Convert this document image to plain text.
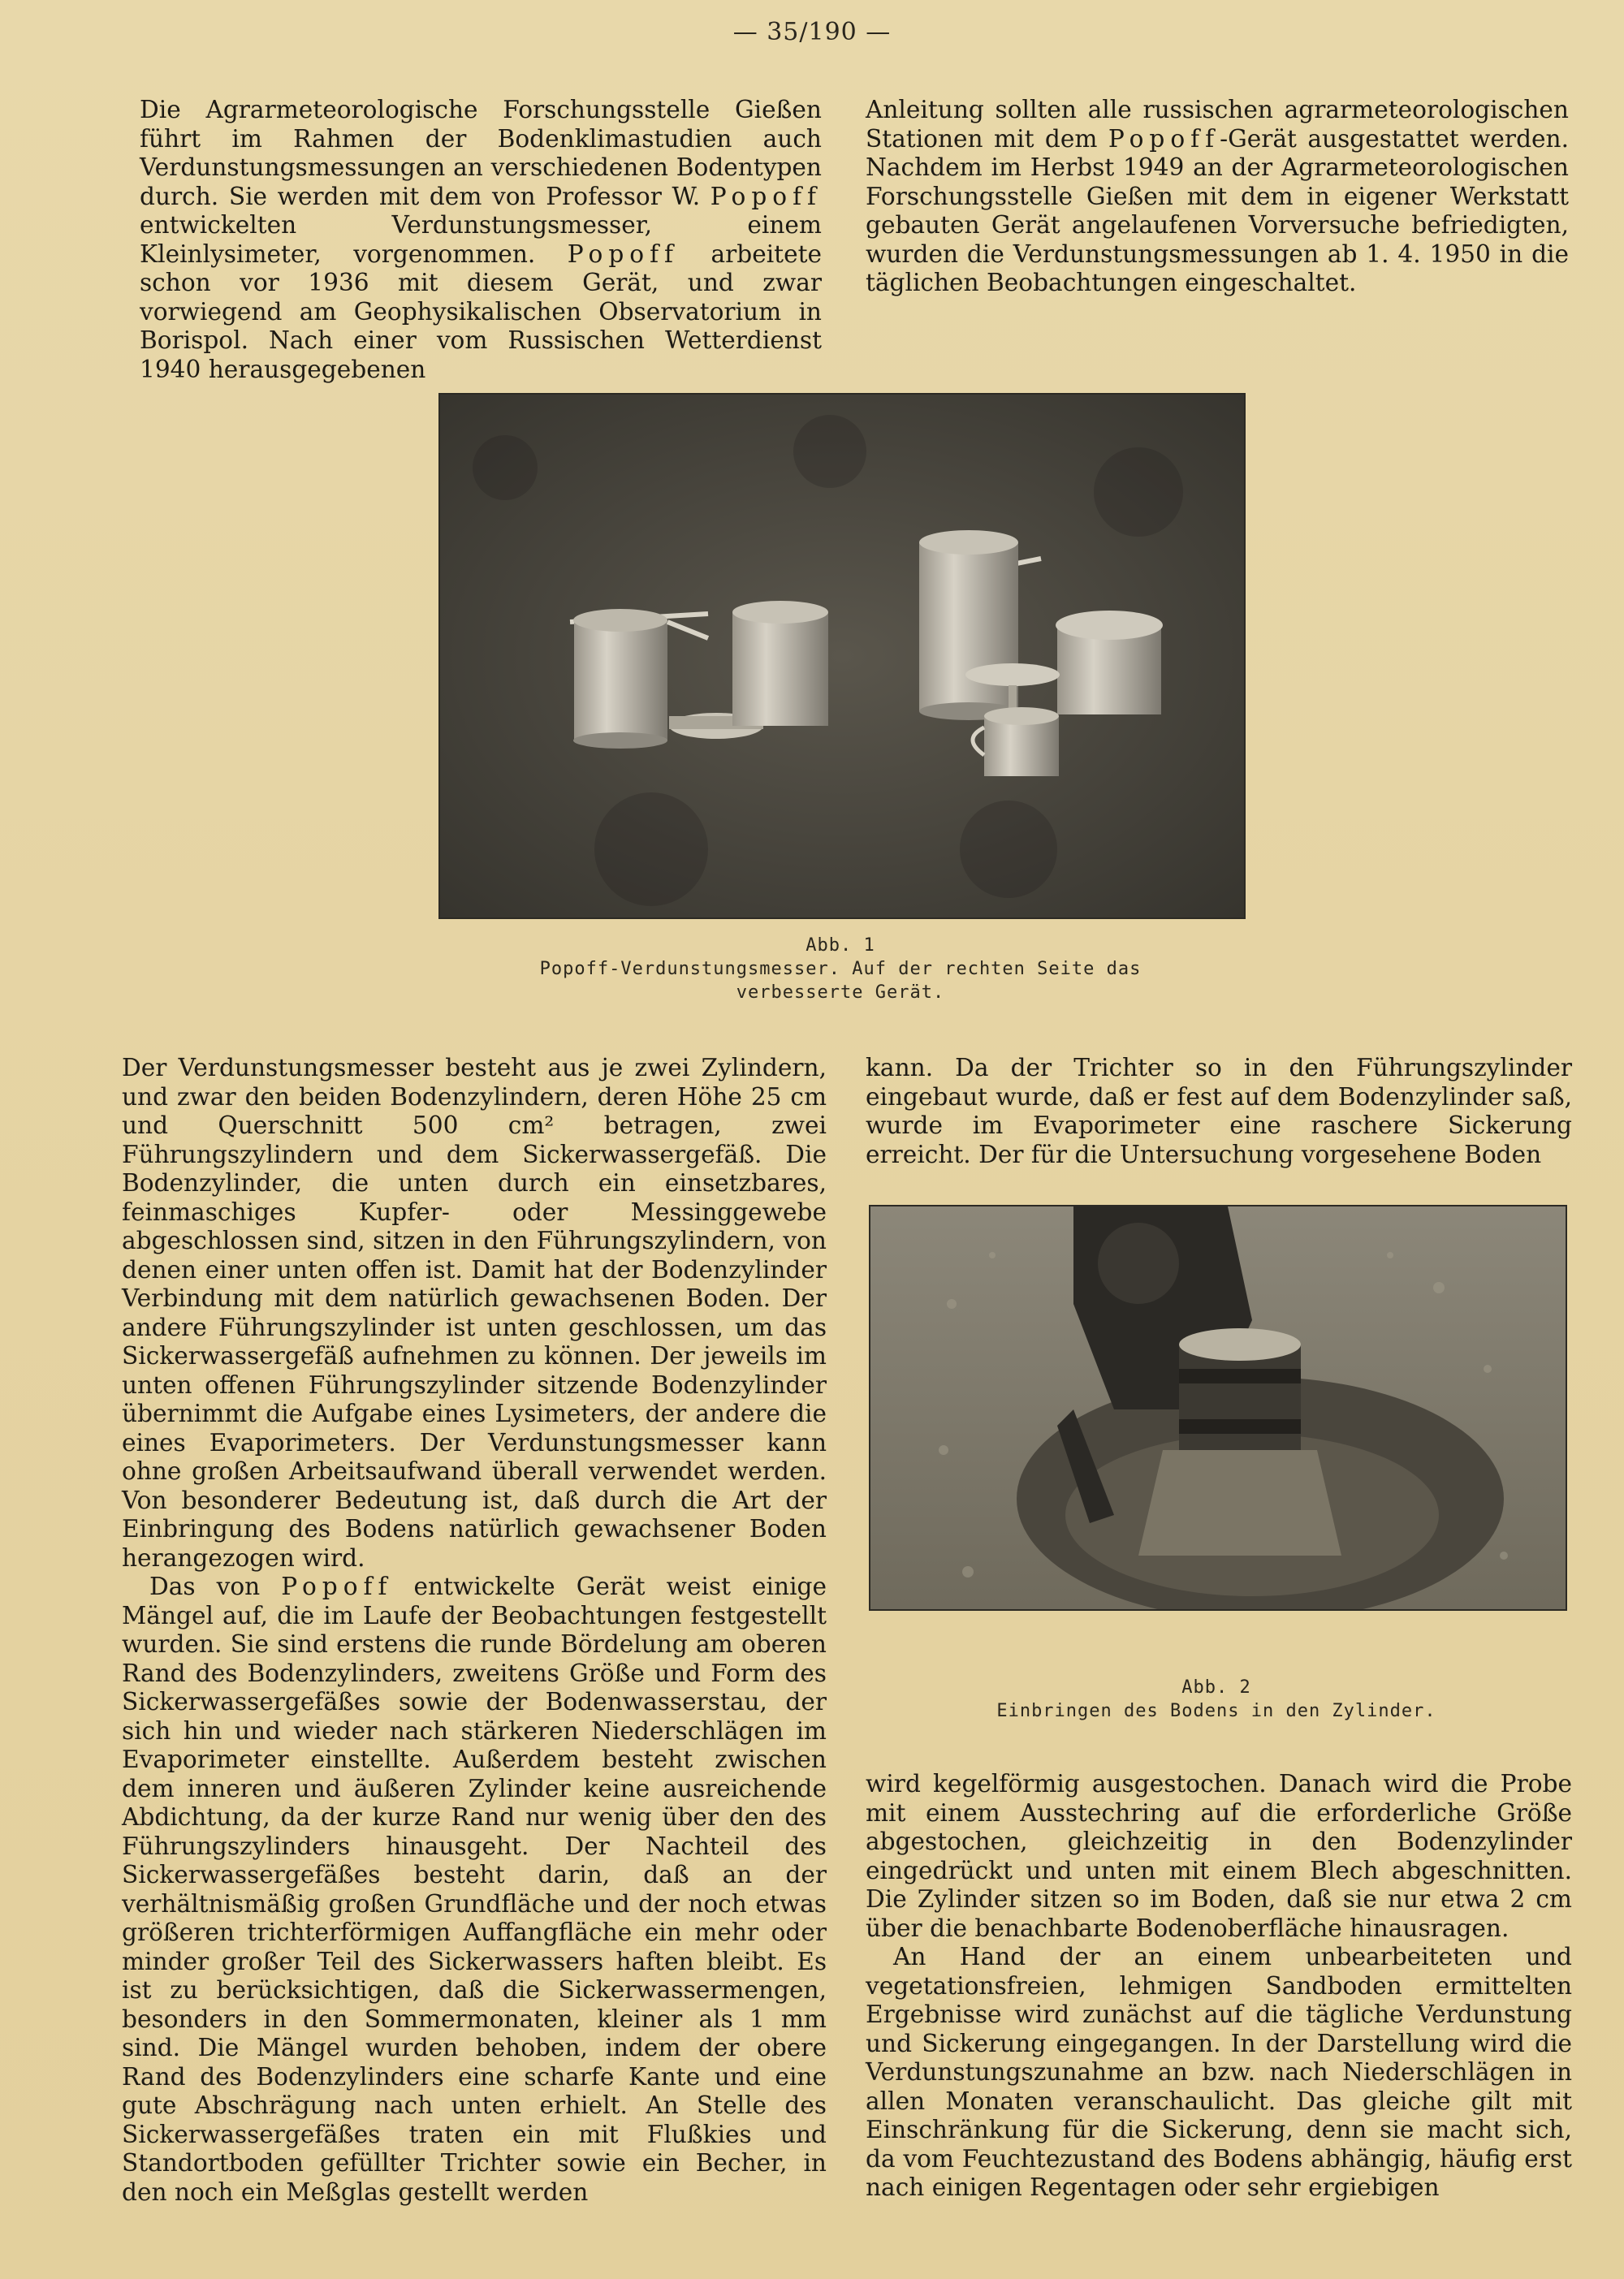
— 35/190 —

Die Agrarmeteorologische Forschungsstelle Gießen führt im Rahmen der Bodenklimastudien auch Verdunstungsmessungen an verschiedenen Bodentypen durch. Sie werden mit dem von Professor W. Popoff entwickelten Verdunstungsmesser, einem Kleinlysimeter, vorgenommen. Popoff arbeitete schon vor 1936 mit diesem Gerät, und zwar vorwiegend am Geophysikalischen Observatorium in Borispol. Nach einer vom Russischen Wetterdienst 1940 herausgegebenen

Anleitung sollten alle russischen agrarmeteorologischen Stationen mit dem Popoff-Gerät ausgestattet werden. Nachdem im Herbst 1949 an der Agrarmeteorologischen Forschungsstelle Gießen mit dem in eigener Werkstatt gebauten Gerät angelaufenen Vorversuche befriedigten, wurden die Verdunstungsmessungen ab 1. 4. 1950 in die täglichen Beobachtungen eingeschaltet.

Abb. 1
Popoff-Verdunstungsmesser. Auf der rechten Seite das
verbesserte Gerät.

Der Verdunstungsmesser besteht aus je zwei Zylindern, und zwar den beiden Bodenzylindern, deren Höhe 25 cm und Querschnitt 500 cm² betragen, zwei Führungszylindern und dem Sickerwassergefäß. Die Bodenzylinder, die unten durch ein einsetzbares, feinmaschiges Kupfer- oder Messinggewebe abgeschlossen sind, sitzen in den Führungszylindern, von denen einer unten offen ist. Damit hat der Bodenzylinder Verbindung mit dem natürlich gewachsenen Boden. Der andere Führungszylinder ist unten geschlossen, um das Sickerwassergefäß aufnehmen zu können. Der jeweils im unten offenen Führungszylinder sitzende Bodenzylinder übernimmt die Aufgabe eines Lysimeters, der andere die eines Evaporimeters. Der Verdunstungsmesser kann ohne großen Arbeitsaufwand überall verwendet werden. Von besonderer Bedeutung ist, daß durch die Art der Einbringung des Bodens natürlich gewachsener Boden herangezogen wird.

Das von Popoff entwickelte Gerät weist einige Mängel auf, die im Laufe der Beobachtungen festgestellt wurden. Sie sind erstens die runde Bördelung am oberen Rand des Bodenzylinders, zweitens Größe und Form des Sickerwassergefäßes sowie der Bodenwasserstau, der sich hin und wieder nach stärkeren Niederschlägen im Evaporimeter einstellte. Außerdem besteht zwischen dem inneren und äußeren Zylinder keine ausreichende Abdichtung, da der kurze Rand nur wenig über den des Führungszylinders hinausgeht. Der Nachteil des Sickerwassergefäßes besteht darin, daß an der verhältnismäßig großen Grundfläche und der noch etwas größeren trichterförmigen Auffangfläche ein mehr oder minder großer Teil des Sickerwassers haften bleibt. Es ist zu berücksichtigen, daß die Sickerwassermengen, besonders in den Sommermonaten, kleiner als 1 mm sind. Die Mängel wurden behoben, indem der obere Rand des Bodenzylinders eine scharfe Kante und eine gute Abschrägung nach unten erhielt. An Stelle des Sickerwassergefäßes traten ein mit Flußkies und Standortboden gefüllter Trichter sowie ein Becher, in den noch ein Meßglas gestellt werden

kann. Da der Trichter so in den Führungszylinder eingebaut wurde, daß er fest auf dem Bodenzylinder saß, wurde im Evaporimeter eine raschere Sickerung erreicht. Der für die Untersuchung vorgesehene Boden

Abb. 2
Einbringen des Bodens in den Zylinder.

wird kegelförmig ausgestochen. Danach wird die Probe mit einem Ausstechring auf die erforderliche Größe abgestochen, gleichzeitig in den Bodenzylinder eingedrückt und unten mit einem Blech abgeschnitten. Die Zylinder sitzen so im Boden, daß sie nur etwa 2 cm über die benachbarte Bodenoberfläche hinausragen.

An Hand der an einem unbearbeiteten und vegetationsfreien, lehmigen Sandboden ermittelten Ergebnisse wird zunächst auf die tägliche Verdunstung und Sickerung eingegangen. In der Darstellung wird die Verdunstungszunahme an bzw. nach Niederschlägen in allen Monaten veranschaulicht. Das gleiche gilt mit Einschränkung für die Sickerung, denn sie macht sich, da vom Feuchtezustand des Bodens abhängig, häufig erst nach einigen Regentagen oder sehr ergiebigen
